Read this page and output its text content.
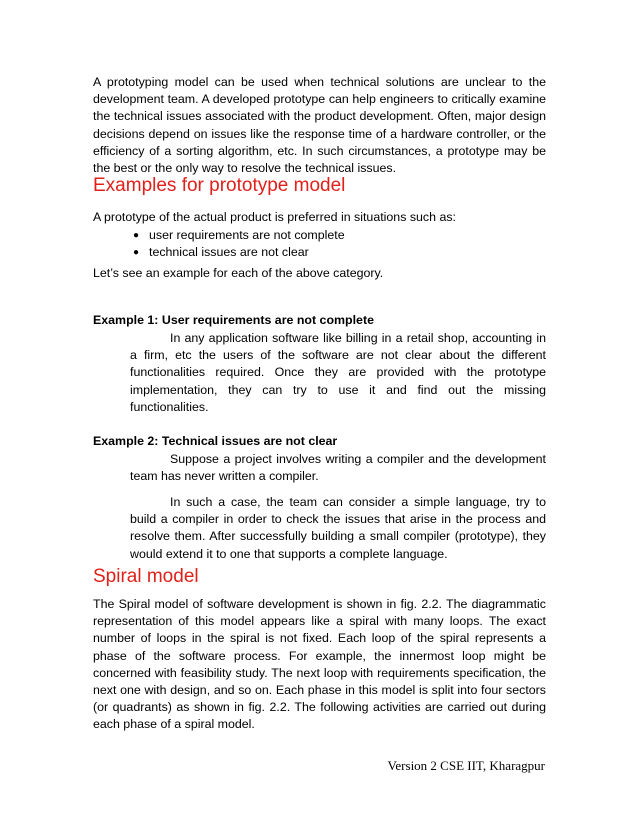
A prototyping model can be used when technical solutions are unclear to the development team. A developed prototype can help engineers to critically examine the technical issues associated with the product development. Often, major design decisions depend on issues like the response time of a hardware controller, or the efficiency of a sorting algorithm, etc. In such circumstances, a prototype may be the best or the only way to resolve the technical issues.

Examples for prototype model

A prototype of the actual product is preferred in situations such as:

● user requirements are not complete
● technical issues are not clear

Let’s see an example for each of the above category.

Example 1: User requirements are not complete

In any application software like billing in a retail shop, accounting in a firm, etc the users of the software are not clear about the different functionalities required. Once they are provided with the prototype implementation, they can try to use it and find out the missing functionalities.

Example 2: Technical issues are not clear

Suppose a project involves writing a compiler and the development team has never written a compiler.

In such a case, the team can consider a simple language, try to build a compiler in order to check the issues that arise in the process and resolve them. After successfully building a small compiler (prototype), they would extend it to one that supports a complete language.

Spiral model

The Spiral model of software development is shown in fig. 2.2. The diagrammatic representation of this model appears like a spiral with many loops. The exact number of loops in the spiral is not fixed. Each loop of the spiral represents a phase of the software process. For example, the innermost loop might be concerned with feasibility study. The next loop with requirements specification, the next one with design, and so on. Each phase in this model is split into four sectors (or quadrants) as shown in fig. 2.2. The following activities are carried out during each phase of a spiral model.

Version 2 CSE IIT, Kharagpur
